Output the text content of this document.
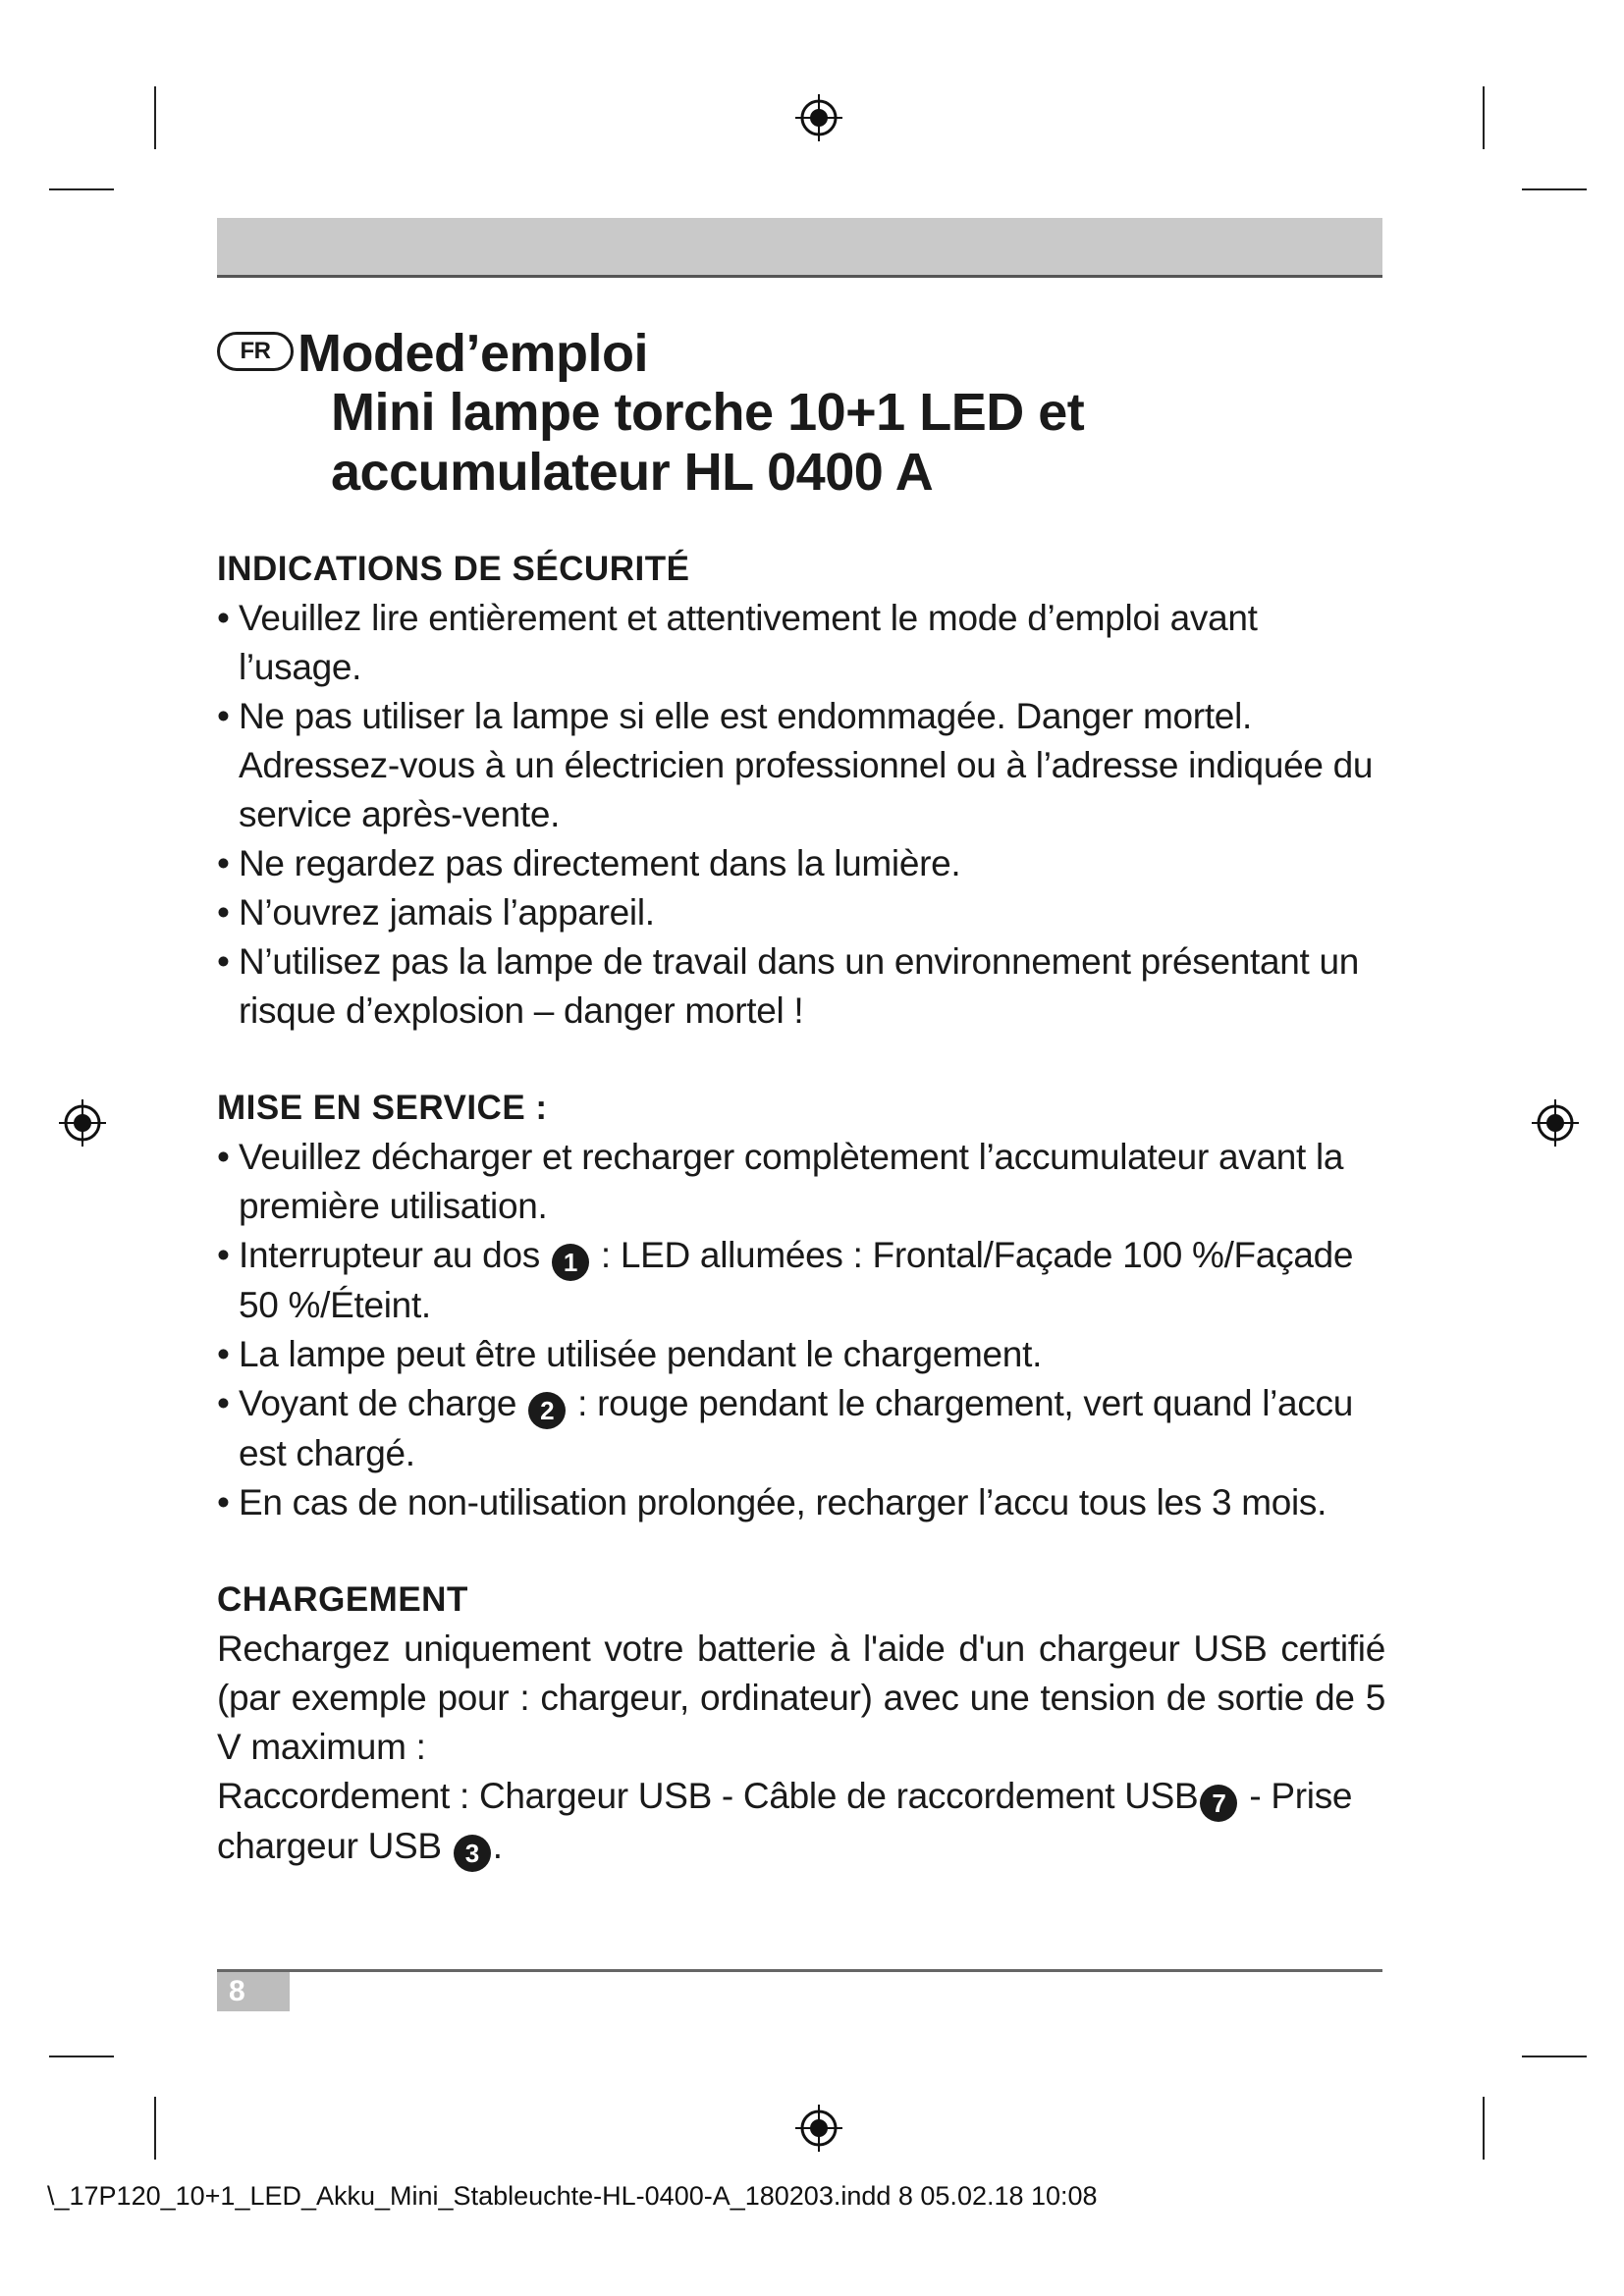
FR Moded’emploi
Mini lampe torche 10+1 LED et
accumulateur HL 0400 A
INDICATIONS DE SÉCURITÉ
• Veuillez lire entièrement et attentivement le mode d’emploi avant l’usage.
• Ne pas utiliser la lampe si elle est endommagée. Danger mortel. Adressez-vous à un électricien professionnel ou à l’adresse indiquée du service après-vente.
• Ne regardez pas directement dans la lumière.
• N’ouvrez jamais l’appareil.
• N’utilisez pas la lampe de travail dans un environnement présentant un risque d’explosion – danger mortel !
MISE EN SERVICE :
• Veuillez décharger et recharger complètement l’accumulateur avant la première utilisation.
• Interrupteur au dos 1 : LED allumées : Frontal/Façade 100 %/Façade 50 %/Éteint.
• La lampe peut être utilisée pendant le chargement.
• Voyant de charge 2 : rouge pendant le chargement, vert quand l’accu est chargé.
• En cas de non-utilisation prolongée, recharger l’accu tous les 3 mois.
CHARGEMENT

Rechargez uniquement votre batterie à l'aide d'un chargeur USB certifié (par exemple pour : chargeur, ordinateur) avec une tension de sortie de 5 V maximum :

Raccordement : Chargeur USB - Câble de raccordement USB 7 - Prise chargeur USB 3 .

8
\_17P120_10+1_LED_Akku_Mini_Stableuchte-HL-0400-A_180203.indd 8 05.02.18 10:08
